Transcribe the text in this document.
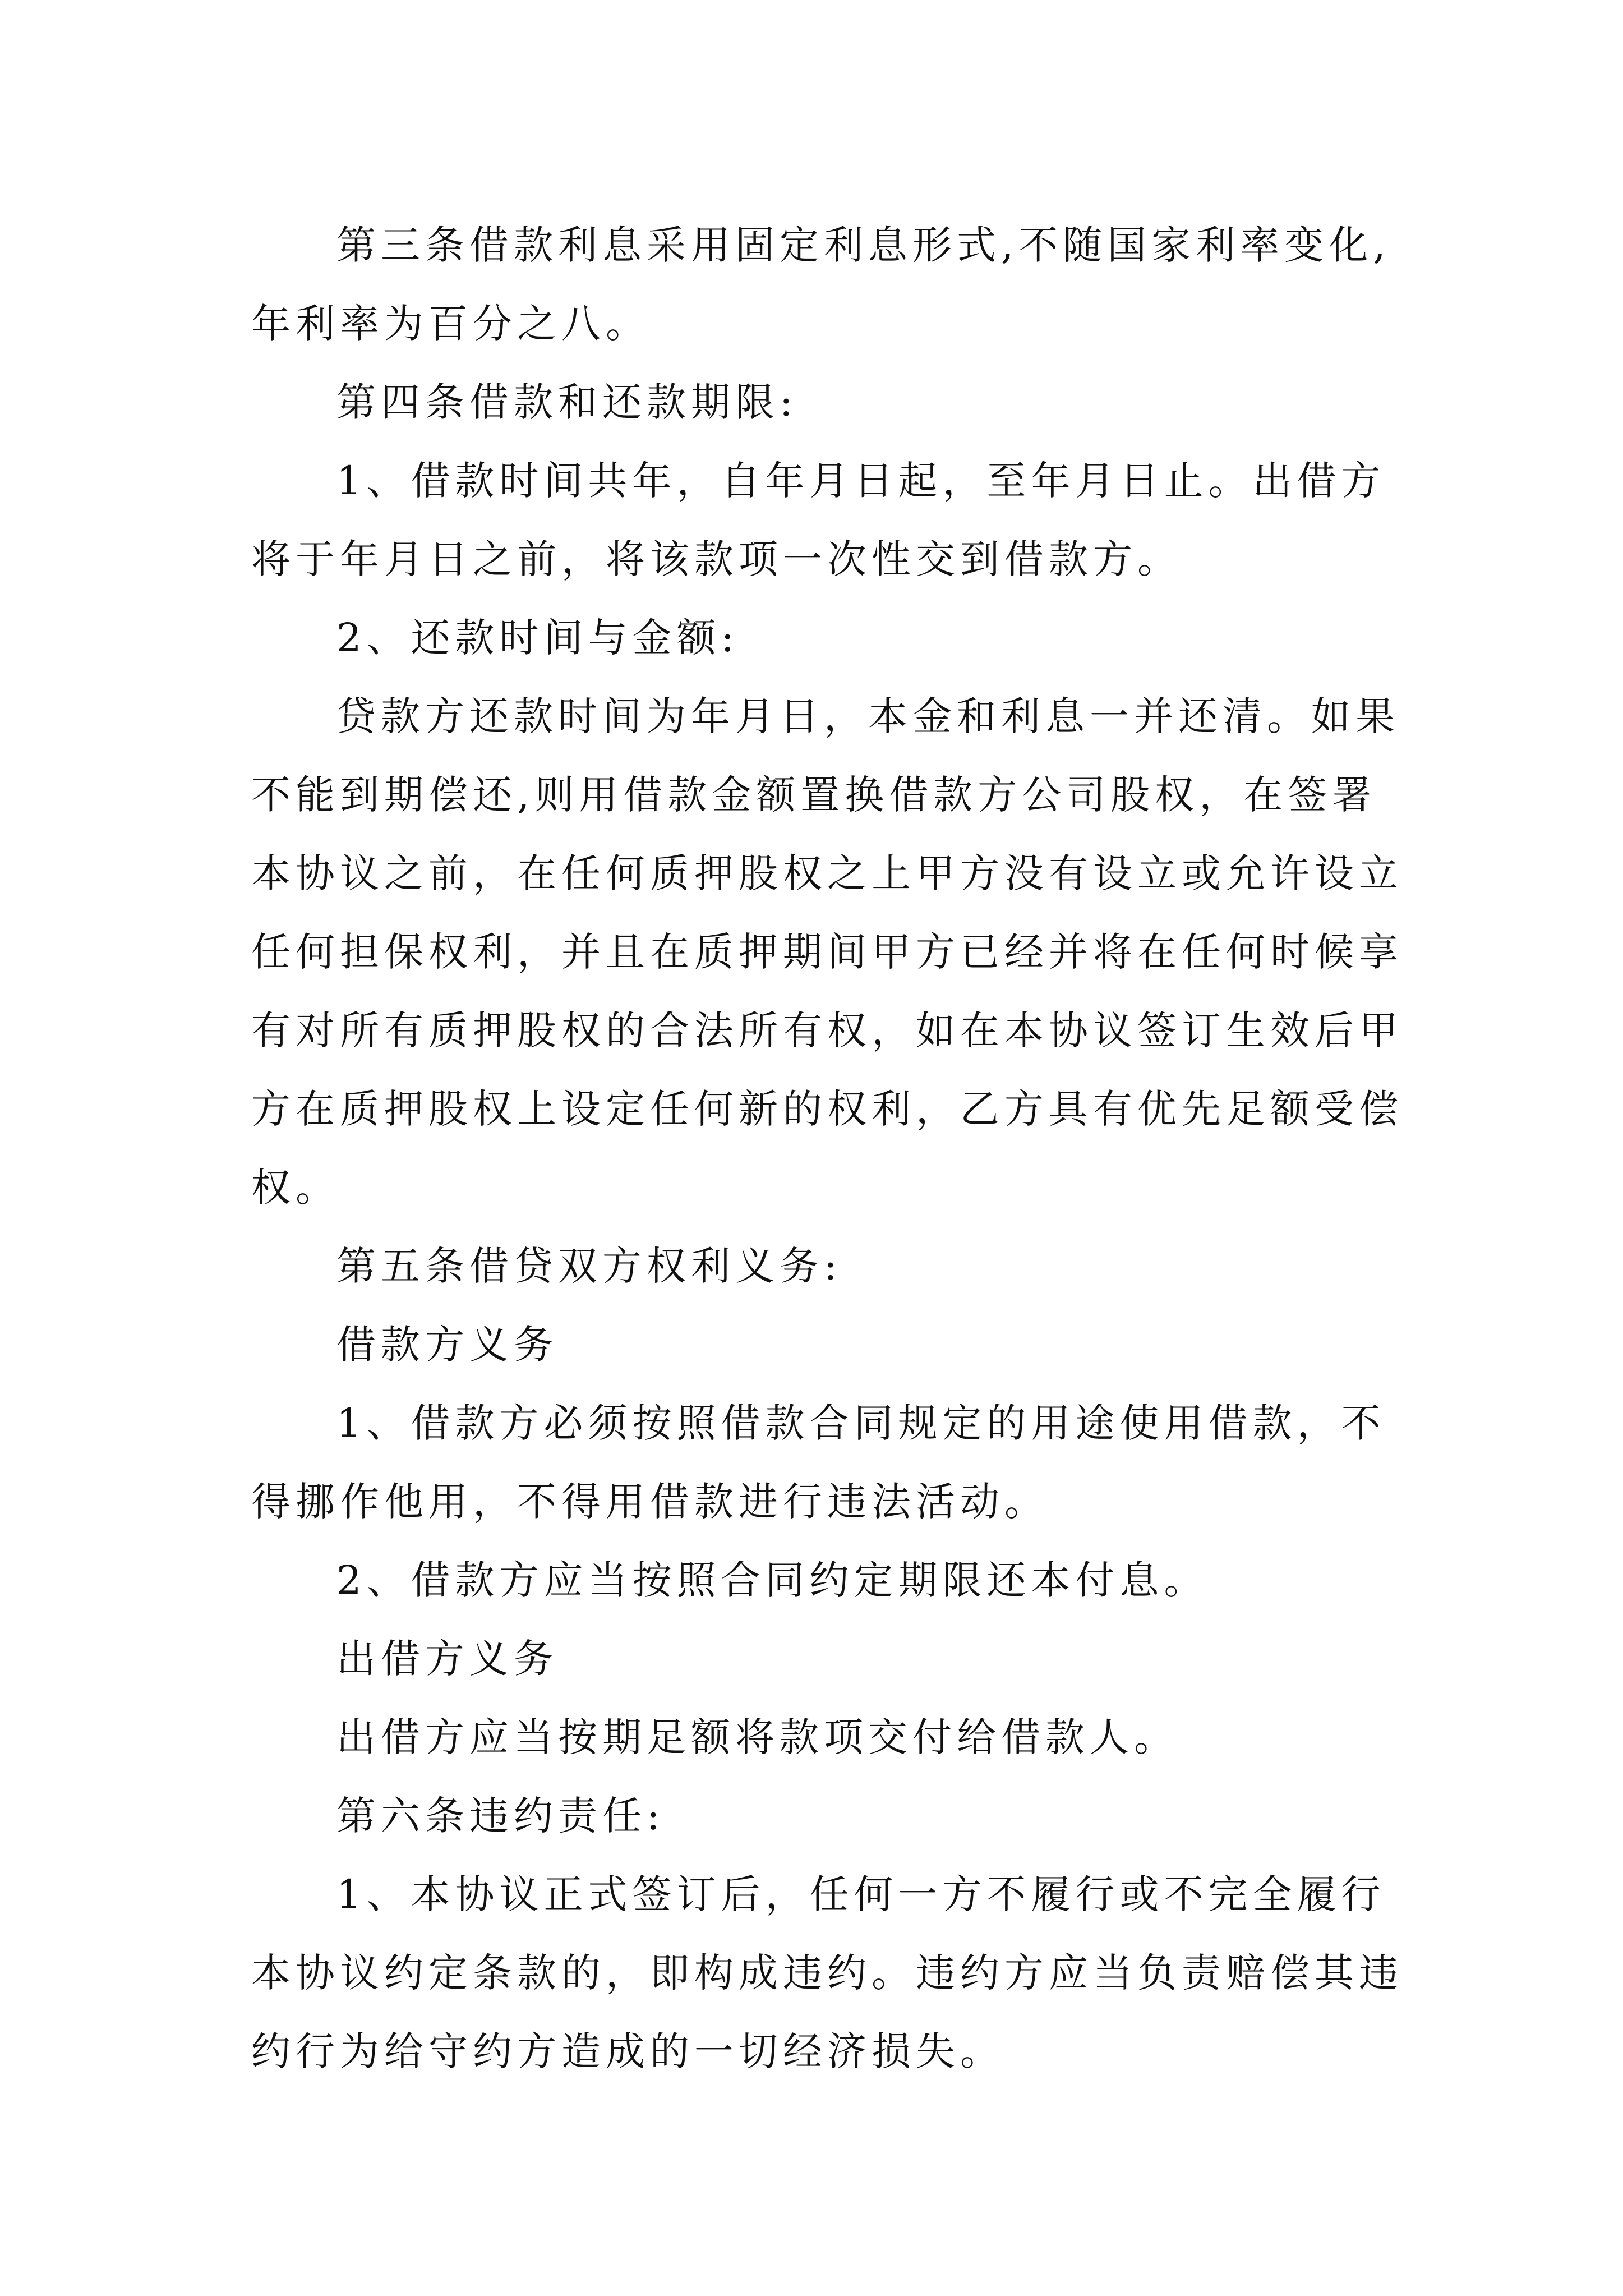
第三条借款利息采用固定利息形式,不随国家利率变化,
年利率为百分之八。
第四条借款和还款期限:
1、借款时间共年，自年月日起，至年月日止。出借方
将于年月日之前，将该款项一次性交到借款方。
2、还款时间与金额:
贷款方还款时间为年月日，本金和利息一并还清。如果
不能到期偿还,则用借款金额置换借款方公司股权，在签署
本协议之前，在任何质押股权之上甲方没有设立或允许设立
任何担保权利，并且在质押期间甲方已经并将在任何时候享
有对所有质押股权的合法所有权，如在本协议签订生效后甲
方在质押股权上设定任何新的权利，乙方具有优先足额受偿
权。
第五条借贷双方权利义务:
借款方义务
1、借款方必须按照借款合同规定的用途使用借款，不
得挪作他用，不得用借款进行违法活动。
2、借款方应当按照合同约定期限还本付息。
出借方义务
出借方应当按期足额将款项交付给借款人。
第六条违约责任:
1、本协议正式签订后，任何一方不履行或不完全履行
本协议约定条款的，即构成违约。违约方应当负责赔偿其违
约行为给守约方造成的一切经济损失。
